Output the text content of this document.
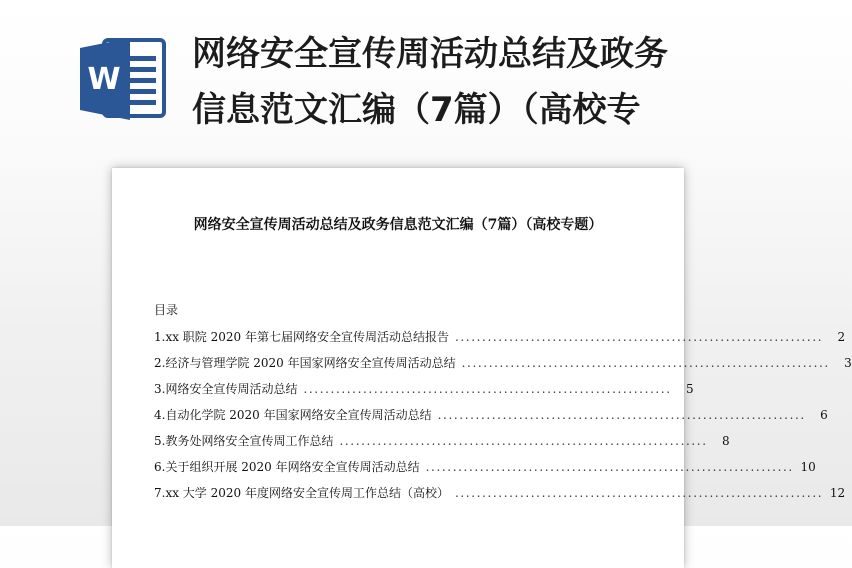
W
网络安全宣传周活动总结及政务
信息范文汇编（7篇）（高校专
网络安全宣传周活动总结及政务信息范文汇编（7篇）（高校专题）
目录
1.xx 职院 2020 年第七届网络安全宣传周活动总结报告 ....................................................................	2
2.经济与管理学院 2020 年国家网络安全宣传周活动总结 ....................................................................	3
3.网络安全宣传周活动总结 ....................................................................	5
4.自动化学院 2020 年国家网络安全宣传周活动总结 ....................................................................	6
5.教务处网络安全宣传周工作总结 ....................................................................	8
6.关于组织开展 2020 年网络安全宣传周活动总结 .................................................................... 10
7.xx 大学 2020 年度网络安全宣传周工作总结（高校） .................................................................... 12
